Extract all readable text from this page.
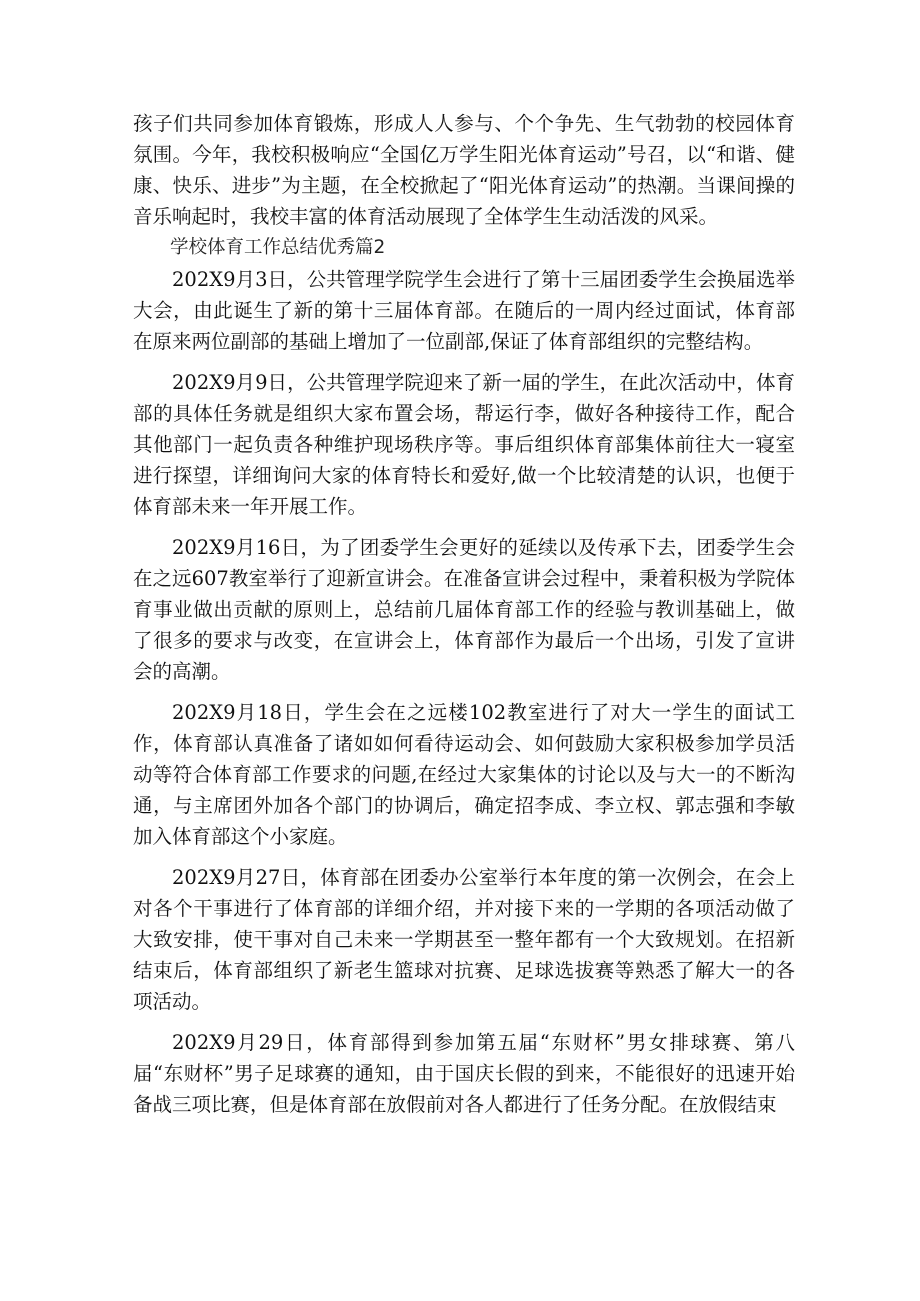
孩子们共同参加体育锻炼，形成人人参与、个个争先、生气勃勃的校园体育氛围。今年，我校积极响应“全国亿万学生阳光体育运动”号召，以“和谐、健康、快乐、进步”为主题，在全校掀起了“阳光体育运动”的热潮。当课间操的音乐响起时，我校丰富的体育活动展现了全体学生生动活泼的风采。

学校体育工作总结优秀篇2

202X9月3日，公共管理学院学生会进行了第十三届团委学生会换届选举大会，由此诞生了新的第十三届体育部。在随后的一周内经过面试，体育部在原来两位副部的基础上增加了一位副部,保证了体育部组织的完整结构。

202X9月9日，公共管理学院迎来了新一届的学生，在此次活动中，体育部的具体任务就是组织大家布置会场，帮运行李，做好各种接待工作，配合其他部门一起负责各种维护现场秩序等。事后组织体育部集体前往大一寝室进行探望，详细询问大家的体育特长和爱好,做一个比较清楚的认识，也便于体育部未来一年开展工作。

202X9月16日，为了团委学生会更好的延续以及传承下去，团委学生会在之远607教室举行了迎新宣讲会。在准备宣讲会过程中，秉着积极为学院体育事业做出贡献的原则上，总结前几届体育部工作的经验与教训基础上，做了很多的要求与改变，在宣讲会上，体育部作为最后一个出场，引发了宣讲会的高潮。

202X9月18日，学生会在之远楼102教室进行了对大一学生的面试工作，体育部认真准备了诸如如何看待运动会、如何鼓励大家积极参加学员活动等符合体育部工作要求的问题,在经过大家集体的讨论以及与大一的不断沟通，与主席团外加各个部门的协调后，确定招李成、李立权、郭志强和李敏加入体育部这个小家庭。

202X9月27日，体育部在团委办公室举行本年度的第一次例会，在会上对各个干事进行了体育部的详细介绍，并对接下来的一学期的各项活动做了大致安排，使干事对自己未来一学期甚至一整年都有一个大致规划。在招新结束后，体育部组织了新老生篮球对抗赛、足球选拔赛等熟悉了解大一的各项活动。

202X9月29日，体育部得到参加第五届“东财杯”男女排球赛、第八届“东财杯”男子足球赛的通知，由于国庆长假的到来，不能很好的迅速开始备战三项比赛，但是体育部在放假前对各人都进行了任务分配。在放假结束
